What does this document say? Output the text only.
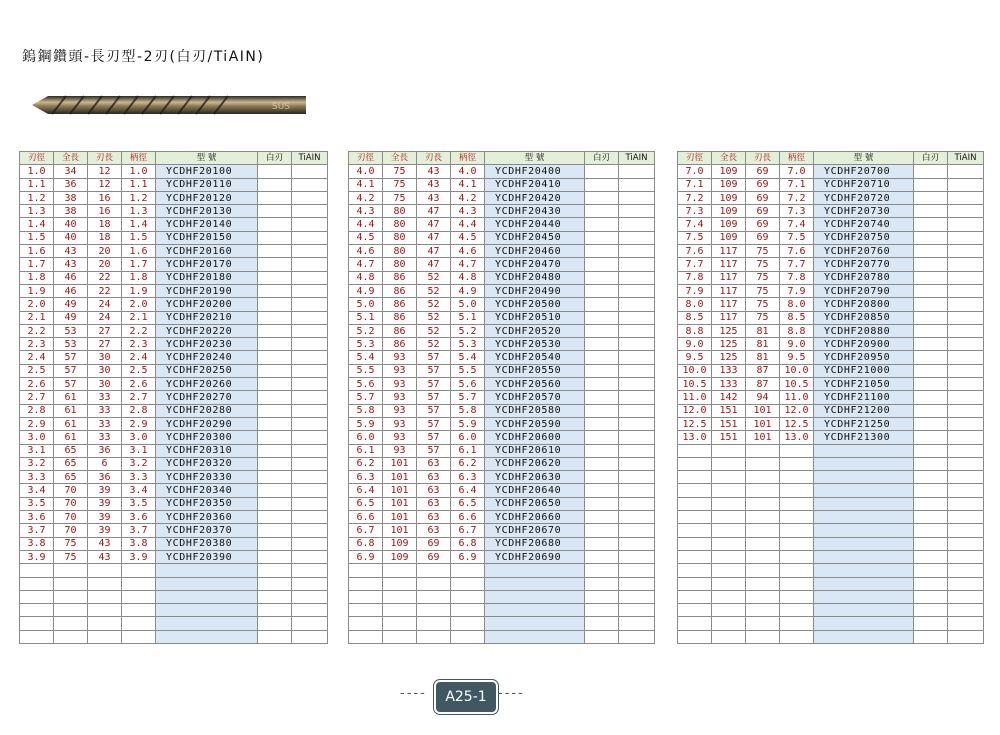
鎢鋼鑽頭-長刃型-2刃(白刃/TiAIN)
SUS
刃徑	全長	刃長	柄徑	型 號	白刃	TiAIN
1.0	34	12	1.0	YCDHF20100		
1.1	36	12	1.1	YCDHF20110		
1.2	38	16	1.2	YCDHF20120		
1.3	38	16	1.3	YCDHF20130		
1.4	40	18	1.4	YCDHF20140		
1.5	40	18	1.5	YCDHF20150		
1.6	43	20	1.6	YCDHF20160		
1.7	43	20	1.7	YCDHF20170		
1.8	46	22	1.8	YCDHF20180		
1.9	46	22	1.9	YCDHF20190		
2.0	49	24	2.0	YCDHF20200		
2.1	49	24	2.1	YCDHF20210		
2.2	53	27	2.2	YCDHF20220		
2.3	53	27	2.3	YCDHF20230		
2.4	57	30	2.4	YCDHF20240		
2.5	57	30	2.5	YCDHF20250		
2.6	57	30	2.6	YCDHF20260		
2.7	61	33	2.7	YCDHF20270		
2.8	61	33	2.8	YCDHF20280		
2.9	61	33	2.9	YCDHF20290		
3.0	61	33	3.0	YCDHF20300		
3.1	65	36	3.1	YCDHF20310		
3.2	65	6	3.2	YCDHF20320		
3.3	65	36	3.3	YCDHF20330		
3.4	70	39	3.4	YCDHF20340		
3.5	70	39	3.5	YCDHF20350		
3.6	70	39	3.6	YCDHF20360		
3.7	70	39	3.7	YCDHF20370		
3.8	75	43	3.8	YCDHF20380		
3.9	75	43	3.9	YCDHF20390		

刃徑	全長	刃長	柄徑	型 號	白刃	TiAIN
4.0	75	43	4.0	YCDHF20400		
4.1	75	43	4.1	YCDHF20410		
4.2	75	43	4.2	YCDHF20420		
4.3	80	47	4.3	YCDHF20430		
4.4	80	47	4.4	YCDHF20440		
4.5	80	47	4.5	YCDHF20450		
4.6	80	47	4.6	YCDHF20460		
4.7	80	47	4.7	YCDHF20470		
4.8	86	52	4.8	YCDHF20480		
4.9	86	52	4.9	YCDHF20490		
5.0	86	52	5.0	YCDHF20500		
5.1	86	52	5.1	YCDHF20510		
5.2	86	52	5.2	YCDHF20520		
5.3	86	52	5.3	YCDHF20530		
5.4	93	57	5.4	YCDHF20540		
5.5	93	57	5.5	YCDHF20550		
5.6	93	57	5.6	YCDHF20560		
5.7	93	57	5.7	YCDHF20570		
5.8	93	57	5.8	YCDHF20580		
5.9	93	57	5.9	YCDHF20590		
6.0	93	57	6.0	YCDHF20600		
6.1	93	57	6.1	YCDHF20610		
6.2	101	63	6.2	YCDHF20620		
6.3	101	63	6.3	YCDHF20630		
6.4	101	63	6.4	YCDHF20640		
6.5	101	63	6.5	YCDHF20650		
6.6	101	63	6.6	YCDHF20660		
6.7	101	63	6.7	YCDHF20670		
6.8	109	69	6.8	YCDHF20680		
6.9	109	69	6.9	YCDHF20690		

刃徑	全長	刃長	柄徑	型 號	白刃	TiAIN
7.0	109	69	7.0	YCDHF20700		
7.1	109	69	7.1	YCDHF20710		
7.2	109	69	7.2	YCDHF20720		
7.3	109	69	7.3	YCDHF20730		
7.4	109	69	7.4	YCDHF20740		
7.5	109	69	7.5	YCDHF20750		
7.6	117	75	7.6	YCDHF20760		
7.7	117	75	7.7	YCDHF20770		
7.8	117	75	7.8	YCDHF20780		
7.9	117	75	7.9	YCDHF20790		
8.0	117	75	8.0	YCDHF20800		
8.5	117	75	8.5	YCDHF20850		
8.8	125	81	8.8	YCDHF20880		
9.0	125	81	9.0	YCDHF20900		
9.5	125	81	9.5	YCDHF20950		
10.0	133	87	10.0	YCDHF21000		
10.5	133	87	10.5	YCDHF21050		
11.0	142	94	11.0	YCDHF21100		
12.0	151	101	12.0	YCDHF21200		
12.5	151	101	12.5	YCDHF21250		
13.0	151	101	13.0	YCDHF21300		

----	A25-1 ----
